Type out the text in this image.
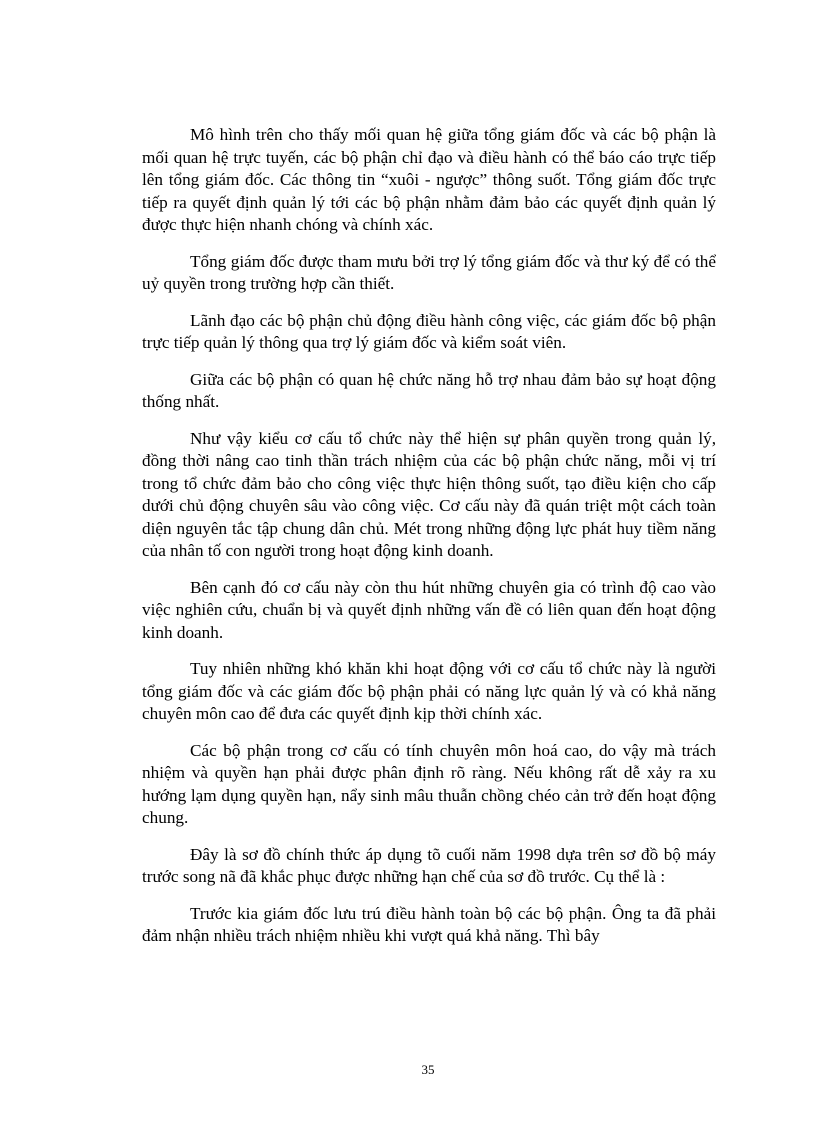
Mô hình trên cho thấy mối quan hệ giữa tổng giám đốc và các bộ phận là mối quan hệ trực tuyến, các bộ phận chỉ đạo và điều hành có thể báo cáo trực tiếp lên tổng giám đốc. Các thông tin “xuôi - ngược” thông suốt. Tổng giám đốc trực tiếp ra quyết định quản lý tới các bộ phận nhằm đảm bảo các quyết định quản lý được thực hiện nhanh chóng và chính xác.

Tổng giám đốc được tham mưu bởi trợ lý tổng giám đốc và thư ký để có thể uỷ quyền trong trường hợp cần thiết.

Lãnh đạo các bộ phận chủ động điều hành công việc, các giám đốc bộ phận trực tiếp quản lý thông qua trợ lý giám đốc và kiểm soát viên.

Giữa các bộ phận có quan hệ chức năng hỗ trợ nhau đảm bảo sự hoạt động thống nhất.

Như vậy kiểu cơ cấu tổ chức này thể hiện sự phân quyền trong quản lý, đồng thời nâng cao tinh thần trách nhiệm của các bộ phận chức năng, mỗi vị trí trong tổ chức đảm bảo cho công việc thực hiện thông suốt, tạo điều kiện cho cấp dưới chủ động chuyên sâu vào công việc. Cơ cấu này đã quán triệt một cách toàn diện nguyên tắc tập chung dân chủ. Mét trong những động lực phát huy tiềm năng của nhân tố con người trong hoạt động kinh doanh.

Bên cạnh đó cơ cấu này còn thu hút những chuyên gia có trình độ cao vào việc nghiên cứu, chuẩn bị và quyết định những vấn đề có liên quan đến hoạt động kinh doanh.

Tuy nhiên những khó khăn khi hoạt động với cơ cấu tổ chức này là người tổng giám đốc và các giám đốc bộ phận phải có năng lực quản lý và có khả năng chuyên môn cao để đưa các quyết định kịp thời chính xác.

Các bộ phận trong cơ cấu có tính chuyên môn hoá cao, do vậy mà trách nhiệm và quyền hạn phải được phân định rõ ràng. Nếu không rất dễ xảy ra xu hướng lạm dụng quyền hạn, nẩy sinh mâu thuẫn chồng chéo cản trở đến hoạt động chung.

Đây là sơ đồ chính thức áp dụng tõ cuối năm 1998 dựa trên sơ đồ bộ máy trước song nã đã khắc phục được những hạn chế của sơ đồ trước. Cụ thể là :

Trước kia giám đốc lưu trú điều hành toàn bộ các bộ phận. Ông ta đã phải đảm nhận nhiều trách nhiệm nhiều khi vượt quá khả năng. Thì bây

35
